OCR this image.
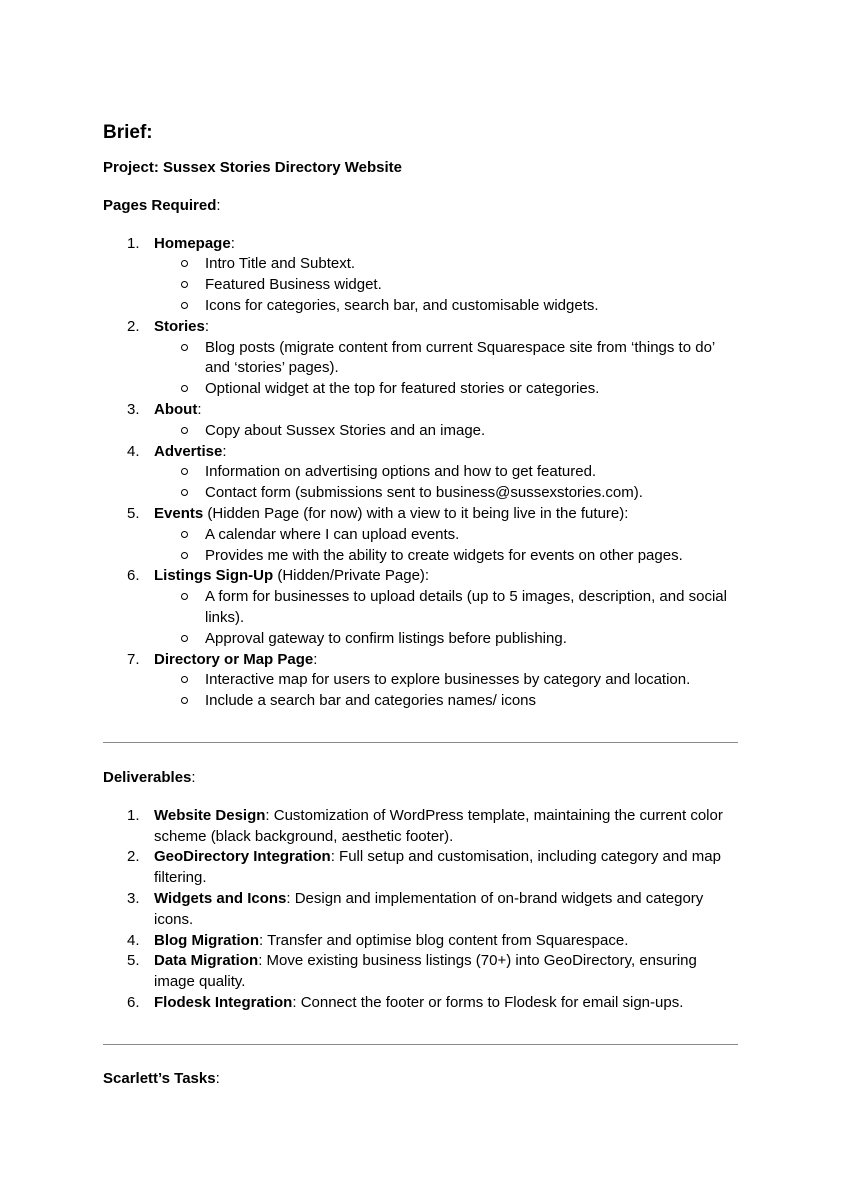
Brief:
Project: Sussex Stories Directory Website
Pages Required:
1. Homepage:
Intro Title and Subtext.
Featured Business widget.
Icons for categories, search bar, and customisable widgets.
2. Stories:
Blog posts (migrate content from current Squarespace site from ‘things to do’ and ‘stories’ pages).
Optional widget at the top for featured stories or categories.
3. About:
Copy about Sussex Stories and an image.
4. Advertise:
Information on advertising options and how to get featured.
Contact form (submissions sent to business@sussexstories.com).
5. Events (Hidden Page (for now) with a view to it being live in the future):
A calendar where I can upload events.
Provides me with the ability to create widgets for events on other pages.
6. Listings Sign-Up (Hidden/Private Page):
A form for businesses to upload details (up to 5 images, description, and social links).
Approval gateway to confirm listings before publishing.
7. Directory or Map Page:
Interactive map for users to explore businesses by category and location.
Include a search bar and categories names/ icons
Deliverables:
1. Website Design: Customization of WordPress template, maintaining the current color scheme (black background, aesthetic footer).
2. GeoDirectory Integration: Full setup and customisation, including category and map filtering.
3. Widgets and Icons: Design and implementation of on-brand widgets and category icons.
4. Blog Migration: Transfer and optimise blog content from Squarespace.
5. Data Migration: Move existing business listings (70+) into GeoDirectory, ensuring image quality.
6. Flodesk Integration: Connect the footer or forms to Flodesk for email sign-ups.
Scarlett’s Tasks:
